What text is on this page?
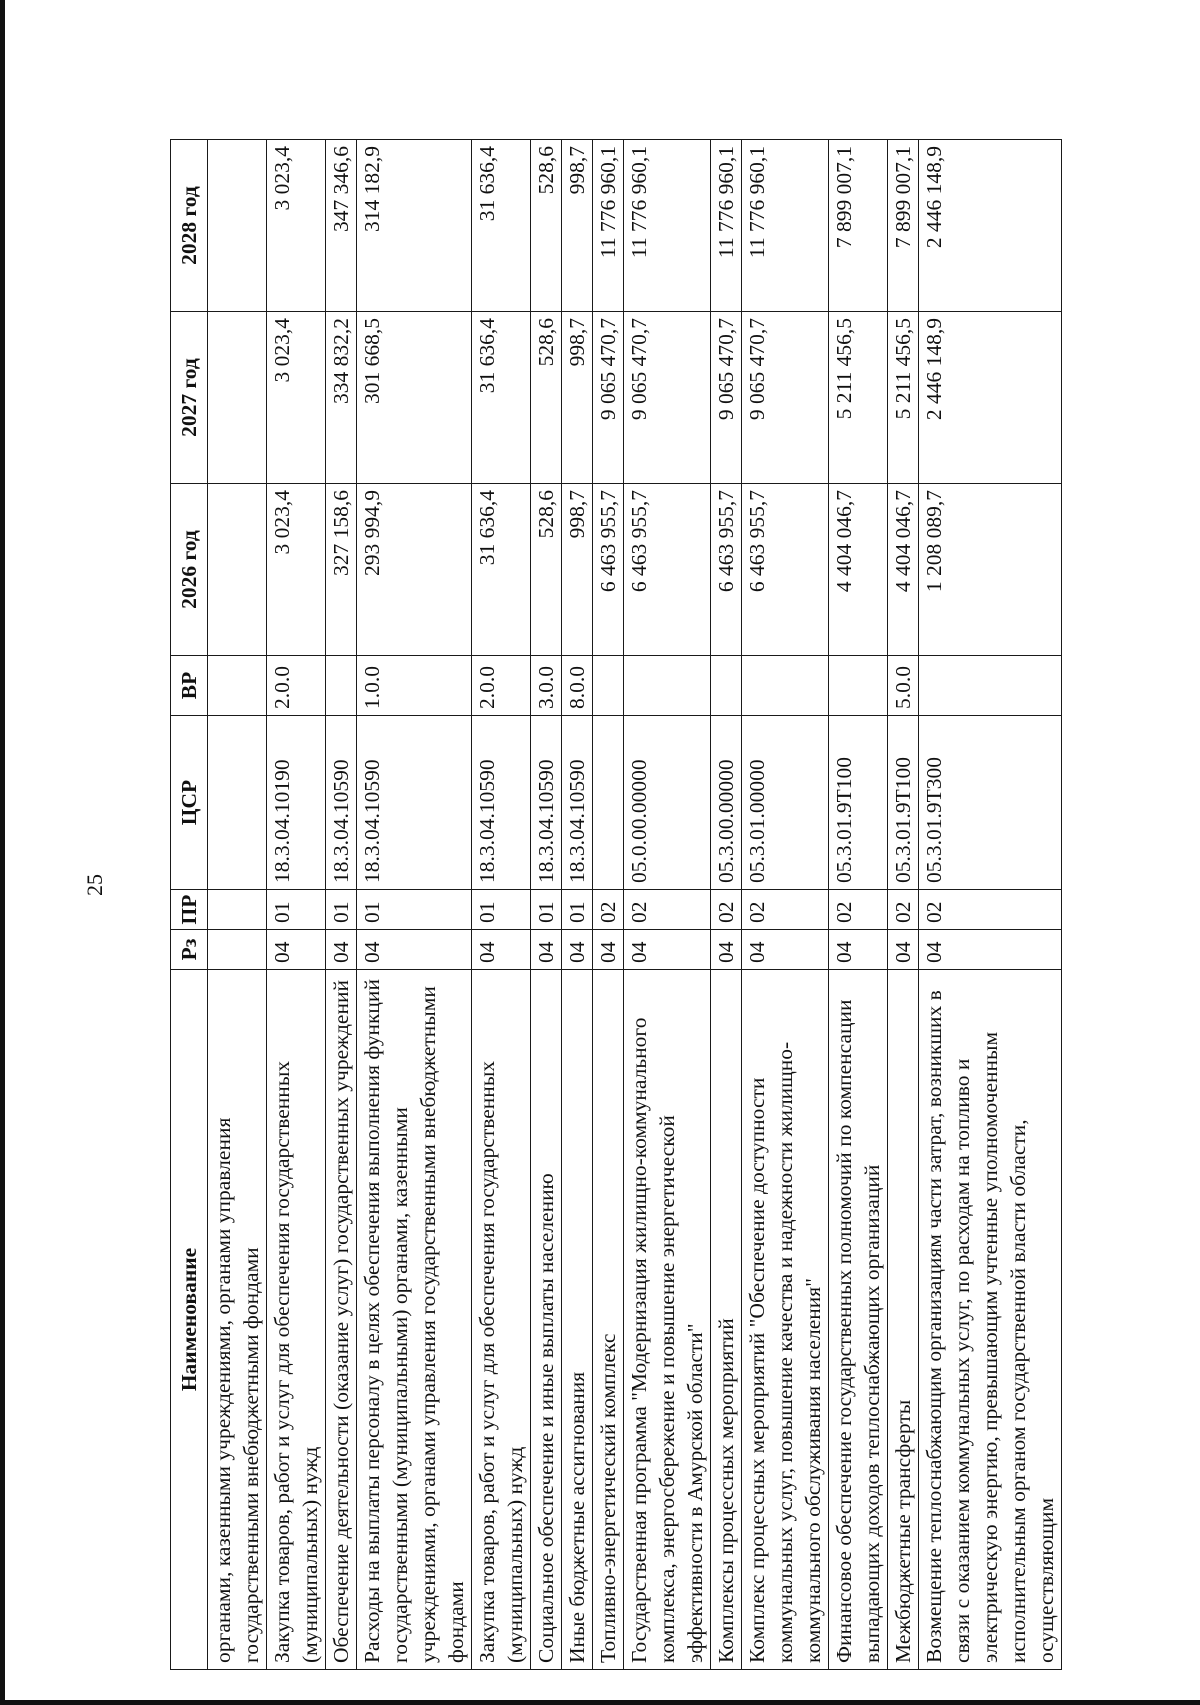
25
Наименование	Рз	ПР	ЦСР	ВР	2026 год	2027 год	2028 год
органами, казенными учреждениями, органами управления государственными внебюджетными фондами							
Закупка товаров, работ и услуг для обеспечения государственных (муниципальных) нужд	04	01	18.3.04.10190	2.0.0	3 023,4	3 023,4	3 023,4
Обеспечение деятельности (оказание услуг) государственных учреждений	04	01	18.3.04.10590		327 158,6	334 832,2	347 346,6
Расходы на выплаты персоналу в целях обеспечения выполнения функций государственными (муниципальными) органами, казенными учреждениями, органами управления государственными внебюджетными фондами	04	01	18.3.04.10590	1.0.0	293 994,9	301 668,5	314 182,9
Закупка товаров, работ и услуг для обеспечения государственных (муниципальных) нужд	04	01	18.3.04.10590	2.0.0	31 636,4	31 636,4	31 636,4
Социальное обеспечение и иные выплаты населению	04	01	18.3.04.10590	3.0.0	528,6	528,6	528,6
Иные бюджетные ассигнования	04	01	18.3.04.10590	8.0.0	998,7	998,7	998,7
Топливно-энергетический комплекс	04	02			6 463 955,7	9 065 470,7	11 776 960,1
Государственная программа "Модернизация жилищно-коммунального комплекса, энергосбережение и повышение энергетической эффективности в Амурской области"	04	02	05.0.00.00000		6 463 955,7	9 065 470,7	11 776 960,1
Комплексы процессных мероприятий	04	02	05.3.00.00000		6 463 955,7	9 065 470,7	11 776 960,1
Комплекс процессных мероприятий "Обеспечение доступности коммунальных услуг, повышение качества и надежности жилищно-коммунального обслуживания населения"	04	02	05.3.01.00000		6 463 955,7	9 065 470,7	11 776 960,1
Финансовое обеспечение государственных полномочий по компенсации выпадающих доходов теплоснабжающих организаций	04	02	05.3.01.9Т100		4 404 046,7	5 211 456,5	7 899 007,1
Межбюджетные трансферты	04	02	05.3.01.9Т100	5.0.0	4 404 046,7	5 211 456,5	7 899 007,1
Возмещение теплоснабжающим организациям части затрат, возникших в связи с оказанием коммунальных услуг, по расходам на топливо и электрическую энергию, превышающим учтенные уполномоченным исполнительным органом государственной власти области, осуществляющим	04	02	05.3.01.9Т300		1 208 089,7	2 446 148,9	2 446 148,9
